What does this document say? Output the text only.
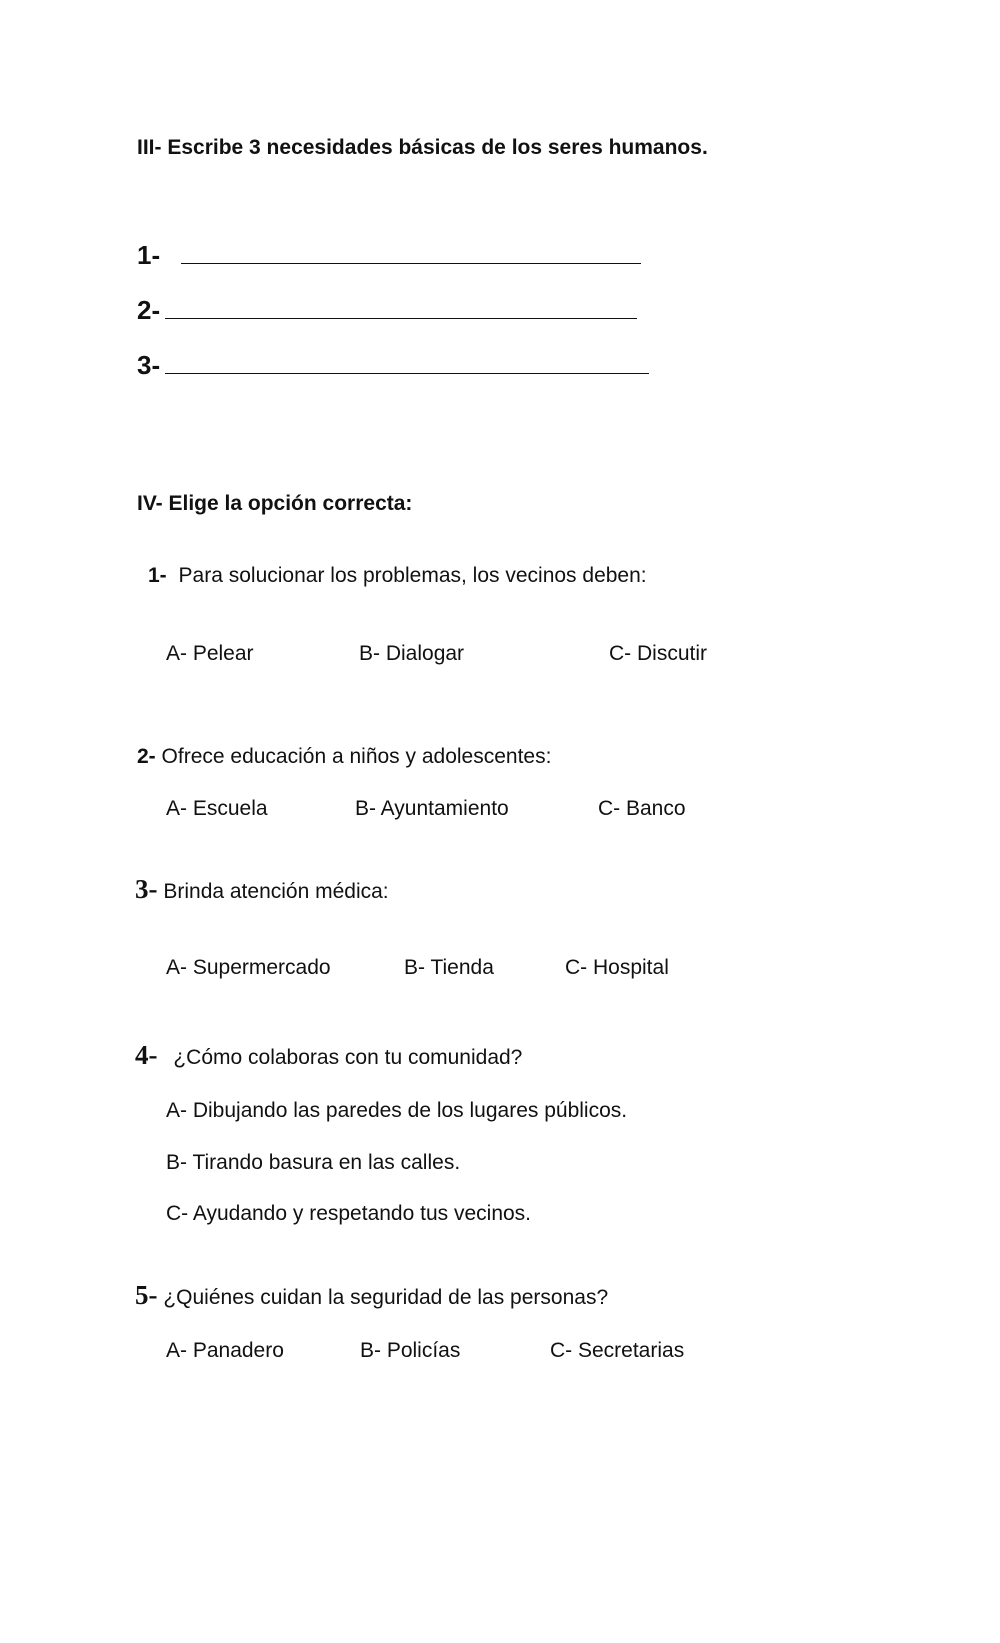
III- Escribe 3 necesidades básicas de los seres humanos.
1-
2-
3-
IV- Elige la opción correcta:
1- Para solucionar los problemas, los vecinos deben:
A- Pelear	B- Dialogar	C- Discutir
2- Ofrece educación a niños y adolescentes:
A- Escuela	B- Ayuntamiento	C- Banco
3- Brinda atención médica:
A- Supermercado	B- Tienda	C- Hospital
4- ¿Cómo colaboras con tu comunidad?
A- Dibujando las paredes de los lugares públicos.
B- Tirando basura en las calles.
C- Ayudando y respetando tus vecinos.
5- ¿Quiénes cuidan la seguridad de las personas?
A- Panadero	B- Policías	C- Secretarias
